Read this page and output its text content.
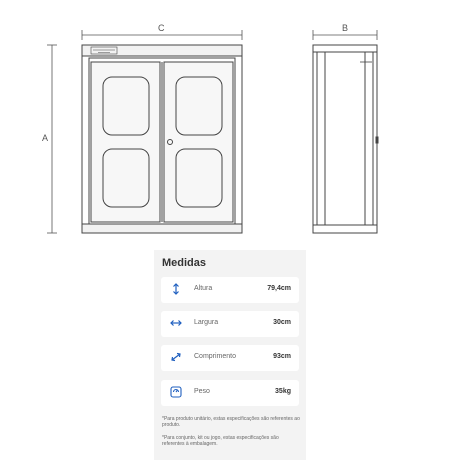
C	B
A
Medidas
Altura	79,4cm
Largura	30cm
Comprimento	93cm
Peso	35kg
*Para produto unitário, estas especificações são referentes ao produto.
*Para conjunto, kit ou jogo, estas especificações são referentes à embalagem.
